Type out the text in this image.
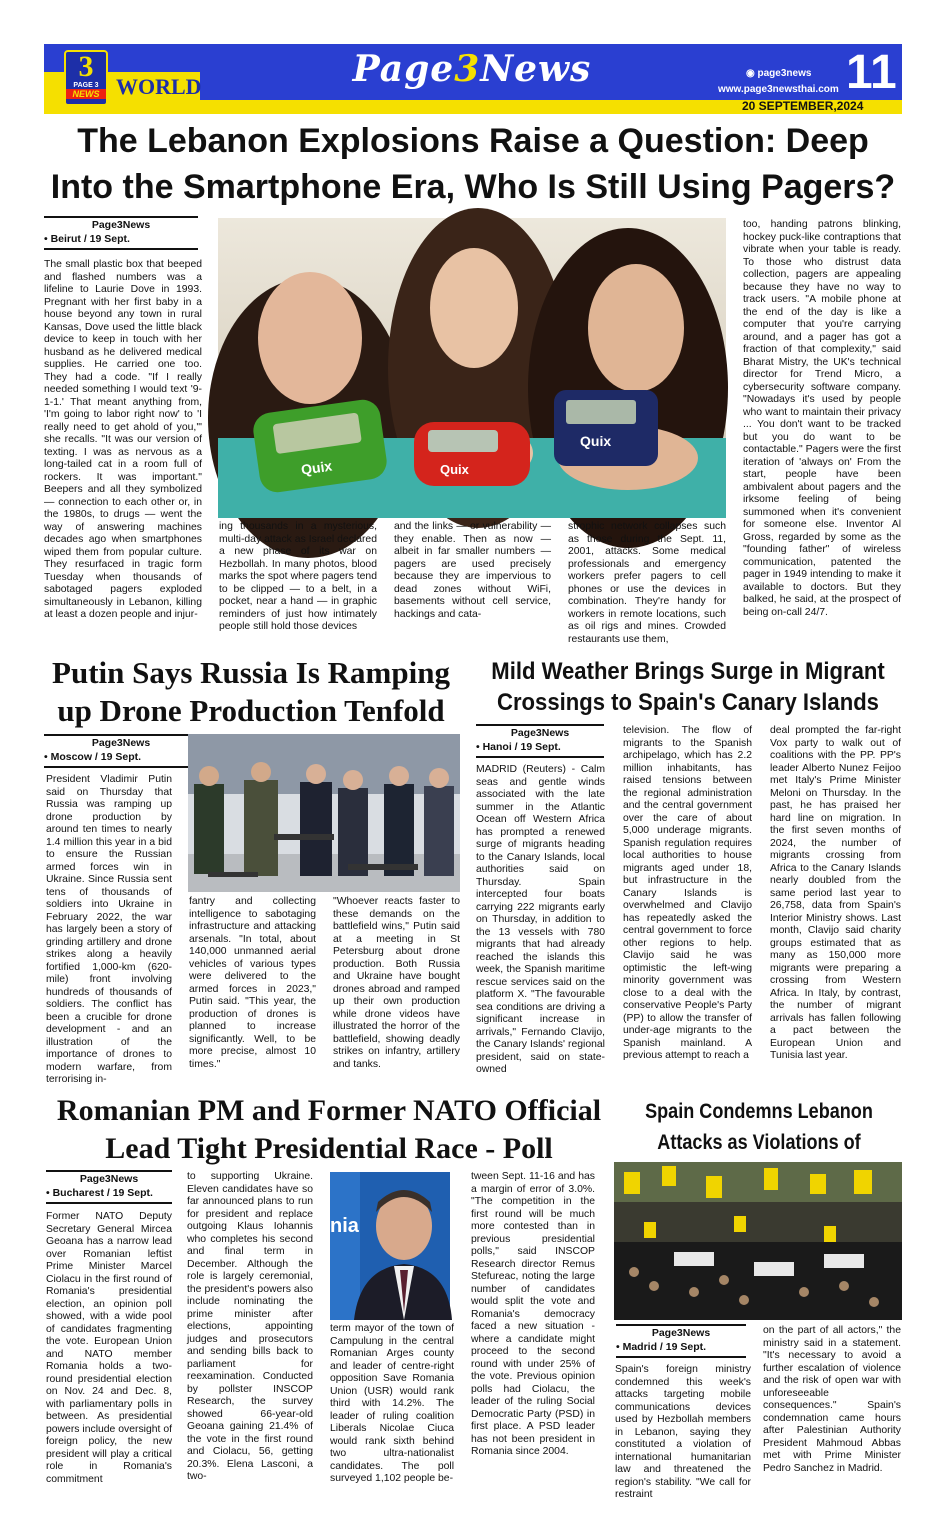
3
PAGE 3
NEWS WORLD	Page3News	◉ page3news
www.page3newsthai.com 11
20 SEPTEMBER,2024
The Lebanon Explosions Raise a Question: Deep
Into the Smartphone Era, Who Is Still Using Pagers?
Page3News
• Beirut / 19 Sept.
The small plastic box that beeped and flashed numbers was a lifeline to Laurie Dove in 1993. Pregnant with her first baby in a house beyond any town in rural Kansas, Dove used the little black device to keep in touch with her husband as he delivered medical supplies. He carried one too. They had a code. "If I really needed something I would text '9-1-1.' That meant anything from, 'I'm going to labor right now' to 'I really need to get ahold of you,'" she recalls. "It was our version of texting. I was as nervous as a long-tailed cat in a room full of rockers. It was important." Beepers and all they symbolized — connection to each other or, in the 1980s, to drugs — went the way of answering machines decades ago when smartphones wiped them from popular culture. They resurfaced in tragic form Tuesday when thousands of sabotaged pagers exploded simultaneously in Lebanon, killing at least a dozen people and injur-
Quix	Quix
Quix
ing thousands in a mysterious, multi-day attack as Israel declared a new phase of its war on Hezbollah. In many photos, blood marks the spot where pagers tend to be clipped — to a belt, in a pocket, near a hand — in graphic reminders of just how intimately people still hold those devices
and the links — or vulnerability — they enable. Then as now — albeit in far smaller numbers — pagers are used precisely because they are impervious to dead zones without WiFi, basements without cell service, hackings and cata-
strophic network collapses such as those during the Sept. 11, 2001, attacks. Some medical professionals and emergency workers prefer pagers to cell phones or use the devices in combination. They're handy for workers in remote locations, such as oil rigs and mines. Crowded restaurants use them,
too, handing patrons blinking, hockey puck-like contraptions that vibrate when your table is ready. To those who distrust data collection, pagers are appealing because they have no way to track users. "A mobile phone at the end of the day is like a computer that you're carrying around, and a pager has got a fraction of that complexity," said Bharat Mistry, the UK's technical director for Trend Micro, a cybersecurity software company. "Nowadays it's used by people who want to maintain their privacy ... You don't want to be tracked but you do want to be contactable." Pagers were the first iteration of 'always on' From the start, people have been ambivalent about pagers and the irksome feeling of being summoned when it's convenient for someone else. Inventor Al Gross, regarded by some as the "founding father" of wireless communication, patented the pager in 1949 intending to make it available to doctors. But they balked, he said, at the prospect of being on-call 24/7.
Putin Says Russia Is Ramping up Drone Production Tenfold
Page3News
• Moscow / 19 Sept.
President Vladimir Putin said on Thursday that Russia was ramping up drone production by around ten times to nearly 1.4 million this year in a bid to ensure the Russian armed forces win in Ukraine. Since Russia sent tens of thousands of soldiers into Ukraine in February 2022, the war has largely been a story of grinding artillery and drone strikes along a heavily fortified 1,000-km (620-mile) front involving hundreds of thousands of soldiers. The conflict has been a crucible for drone development - and an illustration of the importance of drones to modern warfare, from terrorising in-
fantry and collecting intelligence to sabotaging infrastructure and attacking arsenals. "In total, about 140,000 unmanned aerial vehicles of various types were delivered to the armed forces in 2023," Putin said. "This year, the production of drones is planned to increase significantly. Well, to be more precise, almost 10 times."
"Whoever reacts faster to these demands on the battlefield wins," Putin said at a meeting in St Petersburg about drone production. Both Russia and Ukraine have bought drones abroad and ramped up their own production while drone videos have illustrated the horror of the battlefield, showing deadly strikes on infantry, artillery and tanks.
Mild Weather Brings Surge in Migrant Crossings to Spain's Canary Islands
Page3News
• Hanoi / 19 Sept.
MADRID (Reuters) - Calm seas and gentle winds associated with the late summer in the Atlantic Ocean off Western Africa has prompted a renewed surge of migrants heading to the Canary Islands, local authorities said on Thursday. Spain intercepted four boats carrying 222 migrants early on Thursday, in addition to the 13 vessels with 780 migrants that had already reached the islands this week, the Spanish maritime rescue services said on the platform X. "The favourable sea conditions are driving a significant increase in arrivals," Fernando Clavijo, the Canary Islands' regional president, said on state-owned
television. The flow of migrants to the Spanish archipelago, which has 2.2 million inhabitants, has raised tensions between the regional administration and the central government over the care of about 5,000 underage migrants. Spanish regulation requires local authorities to house migrants aged under 18, but infrastructure in the Canary Islands is overwhelmed and Clavijo has repeatedly asked the central government to force other regions to help. Clavijo said he was optimistic the left-wing minority government was close to a deal with the conservative People's Party (PP) to allow the transfer of under-age migrants to the Spanish mainland. A previous attempt to reach a
deal prompted the far-right Vox party to walk out of coalitions with the PP. PP's leader Alberto Nunez Feijoo met Italy's Prime Minister Meloni on Thursday. In the past, he has praised her hard line on migration. In the first seven months of 2024, the number of migrants crossing from Africa to the Canary Islands nearly doubled from the same period last year to 26,758, data from Spain's Interior Ministry shows. Last month, Clavijo said charity groups estimated that as many as 150,000 more migrants were preparing a crossing from Western Africa. In Italy, by contrast, the number of migrant arrivals has fallen following a pact between the European Union and Tunisia last year.
Romanian PM and Former NATO Official Lead Tight Presidential Race - Poll
Page3News
• Bucharest / 19 Sept.
Former NATO Deputy Secretary General Mircea Geoana has a narrow lead over Romanian leftist Prime Minister Marcel Ciolacu in the first round of Romania's presidential election, an opinion poll showed, with a wide pool of candidates fragmenting the vote. European Union and NATO member Romania holds a two-round presidential election on Nov. 24 and Dec. 8, with parliamentary polls in between. As presidential powers include oversight of foreign policy, the new president will play a critical role in Romania's commitment
to supporting Ukraine. Eleven candidates have so far announced plans to run for president and replace outgoing Klaus Iohannis who completes his second and final term in December. Although the role is largely ceremonial, the president's powers also include nominating the prime minister after elections, appointing judges and prosecutors and sending bills back to parliament for reexamination. Conducted by pollster INSCOP Research, the survey showed 66-year-old Geoana gaining 21.4% of the vote in the first round and Ciolacu, 56, getting 20.3%. Elena Lasconi, a two-
nia
term mayor of the town of Campulung in the central Romanian Arges county and leader of centre-right opposition Save Romania Union (USR) would rank third with 14.2%. The leader of ruling coalition Liberals Nicolae Ciuca would rank sixth behind two ultra-nationalist candidates. The poll surveyed 1,102 people be-
tween Sept. 11-16 and has a margin of error of 3.0%. "The competition in the first round will be much more contested than in previous presidential polls," said INSCOP Research director Remus Stefureac, noting the large number of candidates would split the vote and Romania's democracy faced a new situation - where a candidate might proceed to the second round with under 25% of the vote. Previous opinion polls had Ciolacu, the leader of the ruling Social Democratic Party (PSD) in first place. A PSD leader has not been president in Romania since 2004.
Spain Condemns Lebanon Attacks as Violations of
Page3News
• Madrid / 19 Sept.
Spain's foreign ministry condemned this week's attacks targeting mobile communications devices used by Hezbollah members in Lebanon, saying they constituted a violation of international humanitarian law and threatened the region's stability. "We call for restraint
on the part of all actors," the ministry said in a statement. "It's necessary to avoid a further escalation of violence and the risk of open war with unforeseeable consequences." Spain's condemnation came hours after Palestinian Authority President Mahmoud Abbas met with Prime Minister Pedro Sanchez in Madrid.
